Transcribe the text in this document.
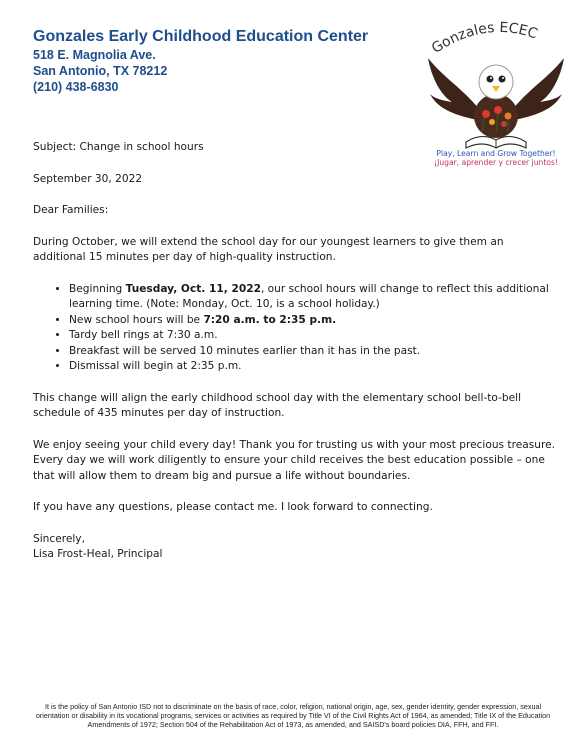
Gonzales Early Childhood Education Center
518 E. Magnolia Ave.
San Antonio, TX 78212
(210) 438-6830
Gonzales ECEC
Play, Learn and Grow Together!
¡Jugar, aprender y crecer juntos!

Subject: Change in school hours

September 30, 2022

Dear Families:

During October, we will extend the school day for our youngest learners to give them an additional 15 minutes per day of high-quality instruction.

• Beginning Tuesday, Oct. 11, 2022, our school hours will change to reflect this additional learning time. (Note: Monday, Oct. 10, is a school holiday.)
• New school hours will be 7:20 a.m. to 2:35 p.m.
• Tardy bell rings at 7:30 a.m.
• Breakfast will be served 10 minutes earlier than it has in the past.
• Dismissal will begin at 2:35 p.m.

This change will align the early childhood school day with the elementary school bell-to-bell schedule of 435 minutes per day of instruction.

We enjoy seeing your child every day! Thank you for trusting us with your most precious treasure. Every day we will work diligently to ensure your child receives the best education possible – one that will allow them to dream big and pursue a life without boundaries.

If you have any questions, please contact me. I look forward to connecting.

Sincerely,

Lisa Frost-Heal, Principal

It is the policy of San Antonio ISD not to discriminate on the basis of race, color, religion, national origin, age, sex, gender identity, gender expression, sexual orientation or disability in its vocational programs, services or activities as required by Title VI of the Civil Rights Act of 1964, as amended; Title IX of the Education Amendments of 1972; Section 504 of the Rehabilitation Act of 1973, as amended, and SAISD's board policies DIA, FFH, and FFI.
